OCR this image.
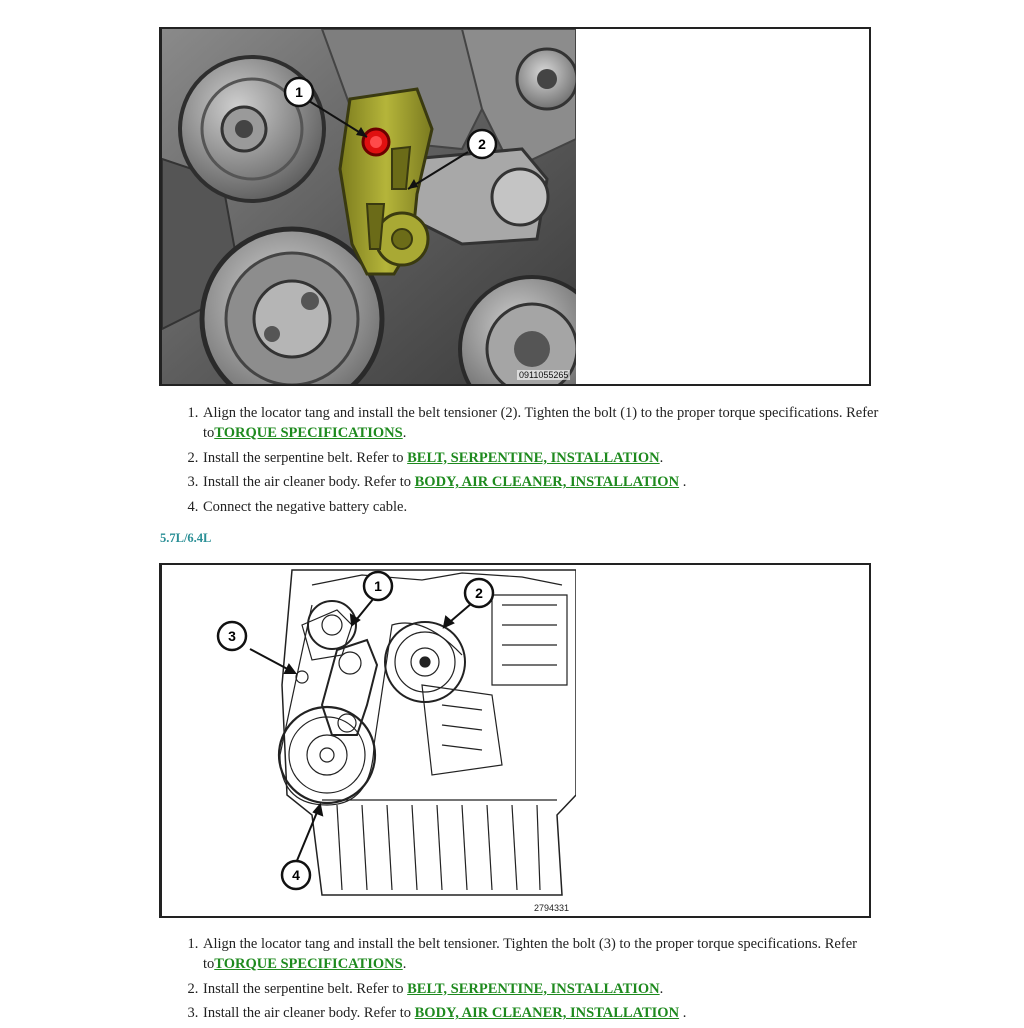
1
2
0911055265
1. Align the locator tang and install the belt tensioner (2). Tighten the bolt (1) to the proper torque specifications. Refer toTORQUE SPECIFICATIONS.
2. Install the serpentine belt. Refer to BELT, SERPENTINE, INSTALLATION.
3. Install the air cleaner body. Refer to BODY, AIR CLEANER, INSTALLATION .
4. Connect the negative battery cable.
5.7L/6.4L
1	2
3
4
2794331
1. Align the locator tang and install the belt tensioner. Tighten the bolt (3) to the proper torque specifications. Refer toTORQUE SPECIFICATIONS.
2. Install the serpentine belt. Refer to BELT, SERPENTINE, INSTALLATION.
3. Install the air cleaner body. Refer to BODY, AIR CLEANER, INSTALLATION .
